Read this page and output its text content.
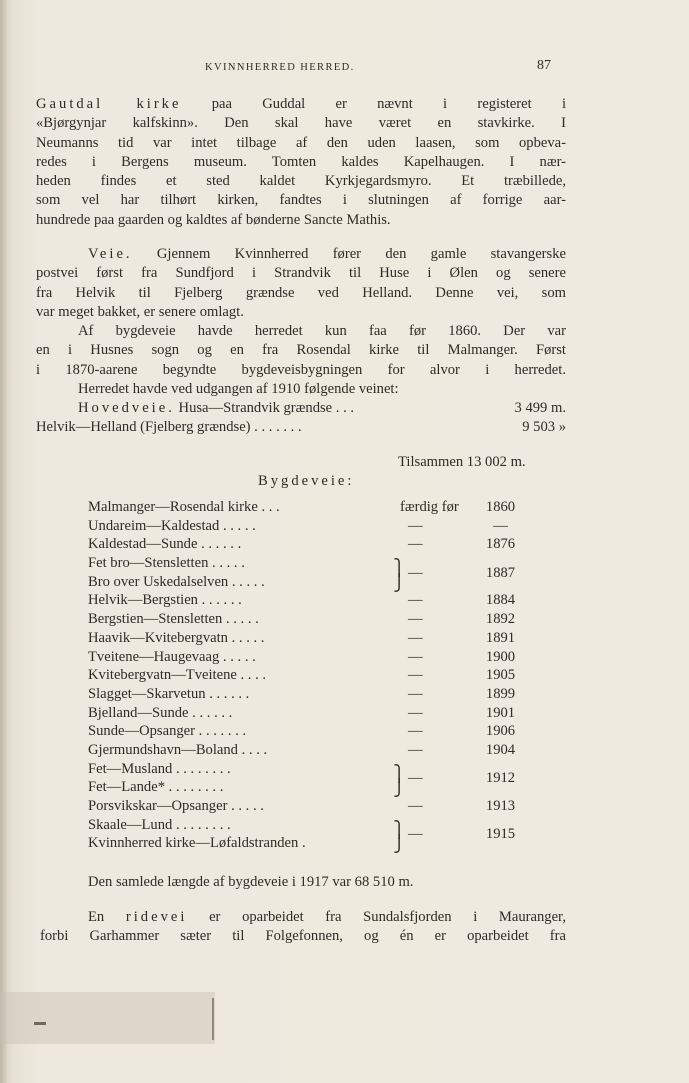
KVINNHERRED HERRED.	87
Gautdal kirke paa Guddal er nævnt i registeret i
«Bjørgynjar kalfskinn». Den skal have været en stavkirke. I
Neumanns tid var intet tilbage af den uden laasen, som opbeva-
redes i Bergens museum. Tomten kaldes Kapelhaugen. I nær-
heden findes et sted kaldet Kyrkjegardsmyro. Et træbillede,
som vel har tilhørt kirken, fandtes i slutningen af forrige aar-
hundrede paa gaarden og kaldtes af bønderne Sancte Mathis.
Veie. Gjennem Kvinnherred fører den gamle stavangerske
postvei først fra Sundfjord i Strandvik til Huse i Ølen og senere
fra Helvik til Fjelberg grændse ved Helland. Denne vei, som
var meget bakket, er senere omlagt.
Af bygdeveie havde herredet kun faa før 1860. Der var
en i Husnes sogn og en fra Rosendal kirke til Malmanger. Først
i 1870-aarene begyndte bygdeveisbygningen for alvor i herredet.
Herredet havde ved udgangen af 1910 følgende veinet:
Hovedveie. Husa—Strandvik grændse . . .	3 499 m.
Helvik—Helland (Fjelberg grændse) . . . . . . .	9 503 »
Tilsammen 13 002 m.
Bygdeveie:
Malmanger—Rosendal kirke . . .	færdig før 1860
Undareim—Kaldestad . . . . .	—	—
Kaldestad—Sunde . . . . . .	—	1876
Fet bro—Stensletten . . . . .	⎫
Bro over Uskedalselven . . . . .	⎭
—	1887
Helvik—Bergstien . . . . . .	—	1884
Bergstien—Stensletten . . . . .	—	1892
Haavik—Kvitebergvatn . . . . .	—	1891
Tveitene—Haugevaag . . . . .	—	1900
Kvitebergvatn—Tveitene . . . .	—	1905
Slagget—Skarvetun . . . . . .	—	1899
Bjelland—Sunde . . . . . .	—	1901
Sunde—Opsanger . . . . . . .	—	1906
Gjermundshavn—Boland . . . .	—	1904
Fet—Musland . . . . . . . .	⎫
Fet—Lande* . . . . . . . .	⎭
—	1912
Porsvikskar—Opsanger . . . . .	—	1913
Skaale—Lund . . . . . . . .	⎫
Kvinnherred kirke—Løfaldstranden .	⎭
—	1915
Den samlede længde af bygdeveie i 1917 var 68 510 m.
En ridevei er oparbeidet fra Sundalsfjorden i Mauranger,
forbi Garhammer sæter til Folgefonnen, og én er oparbeidet fra
